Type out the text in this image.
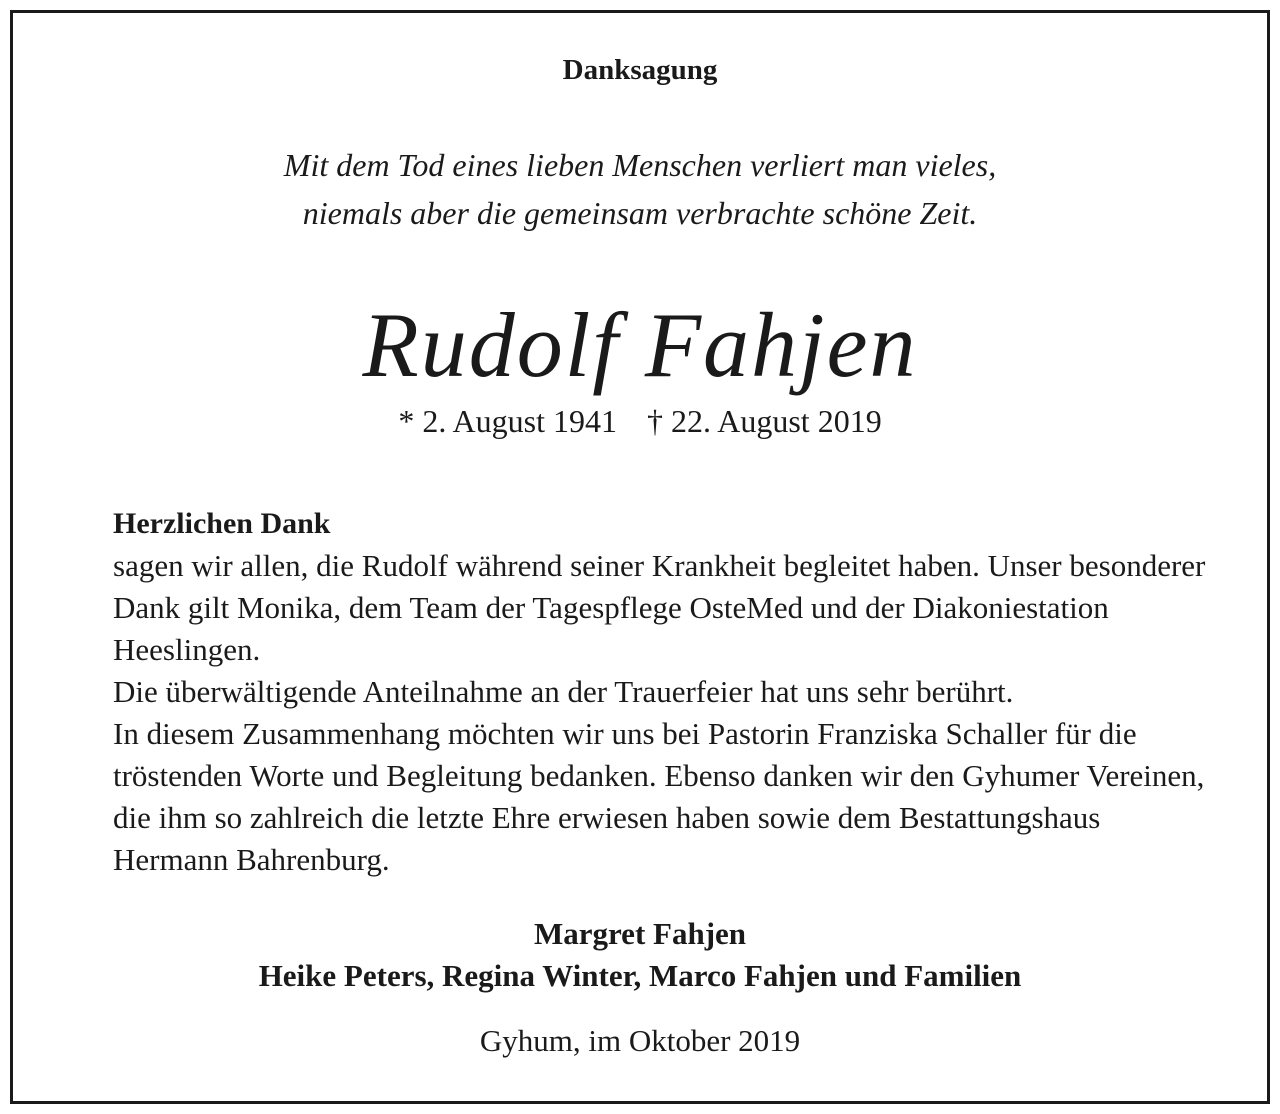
Danksagung
Mit dem Tod eines lieben Menschen verliert man vieles,
niemals aber die gemeinsam verbrachte schöne Zeit.
Rudolf Fahjen
* 2. August 1941 † 22. August 2019
Herzlichen Dank
sagen wir allen, die Rudolf während seiner Krankheit begleitet haben. Unser besonderer Dank gilt Monika, dem Team der Tagespflege OsteMed und der Diakoniestation Heeslingen.
Die überwältigende Anteilnahme an der Trauerfeier hat uns sehr berührt.
In diesem Zusammenhang möchten wir uns bei Pastorin Franziska Schaller für die tröstenden Worte und Begleitung bedanken. Ebenso danken wir den Gyhumer Vereinen, die ihm so zahlreich die letzte Ehre erwiesen haben sowie dem Bestattungshaus Hermann Bahrenburg.
Margret Fahjen
Heike Peters, Regina Winter, Marco Fahjen und Familien
Gyhum, im Oktober 2019
